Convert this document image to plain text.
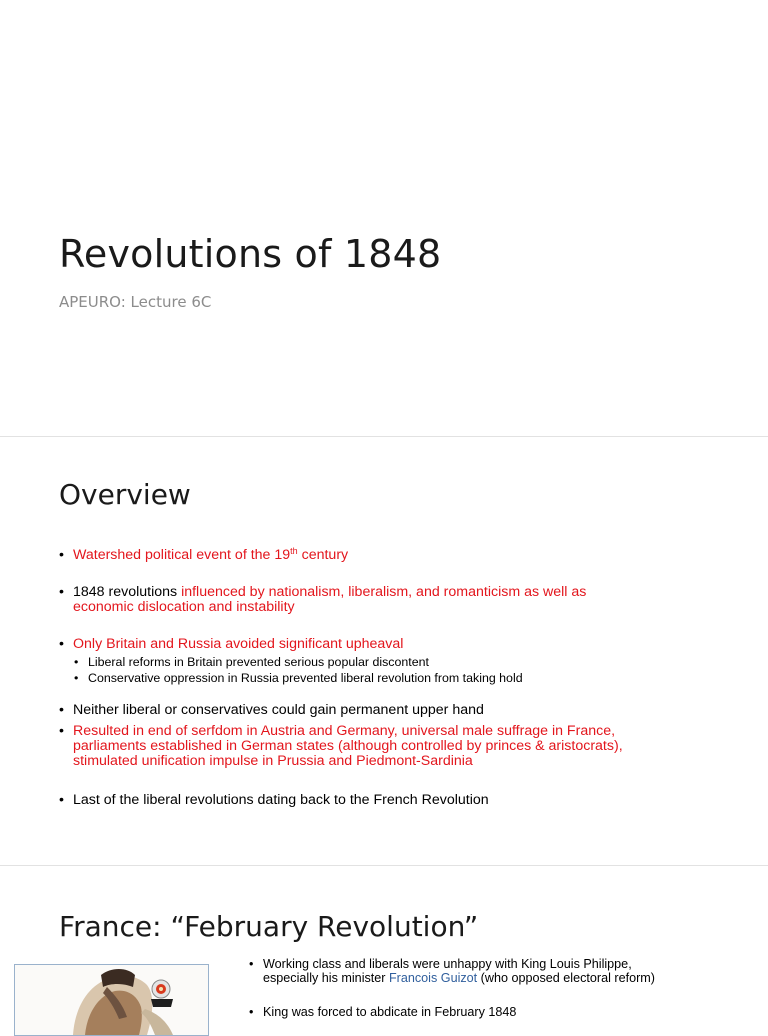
Revolutions of 1848
APEURO: Lecture 6C
Overview
• Watershed political event of the 19th century
• 1848 revolutions influenced by nationalism, liberalism, and romanticism as well as
economic dislocation and instability
• Only Britain and Russia avoided significant upheaval
• Liberal reforms in Britain prevented serious popular discontent
• Conservative oppression in Russia prevented liberal revolution from taking hold
• Neither liberal or conservatives could gain permanent upper hand
• Resulted in end of serfdom in Austria and Germany, universal male suffrage in France,
parliaments established in German states (although controlled by princes & aristocrats),
stimulated unification impulse in Prussia and Piedmont-Sardinia
• Last of the liberal revolutions dating back to the French Revolution
France: “February Revolution”
• Working class and liberals were unhappy with King Louis Philippe,
especially his minister Francois Guizot (who opposed electoral reform)
• King was forced to abdicate in February 1848
